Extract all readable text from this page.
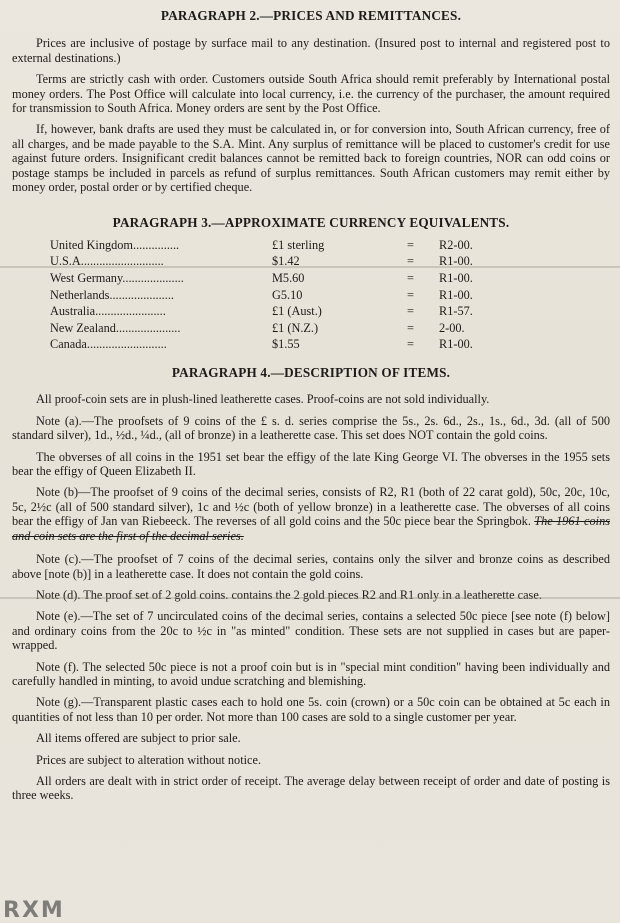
PARAGRAPH 2.—PRICES AND REMITTANCES.

Prices are inclusive of postage by surface mail to any destination. (Insured post to internal and registered post to external destinations.)

Terms are strictly cash with order. Customers outside South Africa should remit preferably by International postal money orders. The Post Office will calculate into local currency, i.e. the currency of the purchaser, the amount required for transmission to South Africa. Money orders are sent by the Post Office.

If, however, bank drafts are used they must be calculated in, or for conversion into, South African currency, free of all charges, and be made payable to the S.A. Mint. Any surplus of remittance will be placed to customer's credit for use against future orders. Insignificant credit balances cannot be remitted back to foreign countries, NOR can odd coins or postage stamps be included in parcels as refund of surplus remittances. South African customers may remit either by money order, postal order or by certified cheque.

PARAGRAPH 3.—APPROXIMATE CURRENCY EQUIVALENTS.
United Kingdom...............	£1 sterling	=	R2-00.
U.S.A...........................	$1.42	=	R1-00.
West Germany....................	M5.60	=	R1-00.
Netherlands.....................	G5.10	=	R1-00.
Australia.......................	£1 (Aust.)	=	R1-57.
New Zealand.....................	£1 (N.Z.)	=	2-00.
Canada..........................	$1.55	=	R1-00.
PARAGRAPH 4.—DESCRIPTION OF ITEMS.

All proof-coin sets are in plush-lined leatherette cases. Proof-coins are not sold individually.

Note (a).—The proofsets of 9 coins of the £ s. d. series comprise the 5s., 2s. 6d., 2s., 1s., 6d., 3d. (all of 500 standard silver), 1d., ½d., ¼d., (all of bronze) in a leatherette case. This set does NOT contain the gold coins.

The obverses of all coins in the 1951 set bear the effigy of the late King George VI. The obverses in the 1955 sets bear the effigy of Queen Elizabeth II.

Note (b)—The proofset of 9 coins of the decimal series, consists of R2, R1 (both of 22 carat gold), 50c, 20c, 10c, 5c, 2½c (all of 500 standard silver), 1c and ½c (both of yellow bronze) in a leatherette case. The obverses of all coins bear the effigy of Jan van Riebeeck. The reverses of all gold coins and the 50c piece bear the Springbok. The 1961 coins and coin sets are the first of the decimal series.

Note (c).—The proofset of 7 coins of the decimal series, contains only the silver and bronze coins as described above [note (b)] in a leatherette case. It does not contain the gold coins.

Note (d). The proof set of 2 gold coins. contains the 2 gold pieces R2 and R1 only in a leatherette case.

Note (e).—The set of 7 uncirculated coins of the decimal series, contains a selected 50c piece [see note (f) below] and ordinary coins from the 20c to ½c in "as minted" condition. These sets are not supplied in cases but are paper-wrapped.

Note (f). The selected 50c piece is not a proof coin but is in "special mint condition" having been individually and carefully handled in minting, to avoid undue scratching and blemishing.

Note (g).—Transparent plastic cases each to hold one 5s. coin (crown) or a 50c coin can be obtained at 5c each in quantities of not less than 10 per order. Not more than 100 cases are sold to a single customer per year.

All items offered are subject to prior sale.

Prices are subject to alteration without notice.

All orders are dealt with in strict order of receipt. The average delay between receipt of order and date of posting is three weeks.

RXM
